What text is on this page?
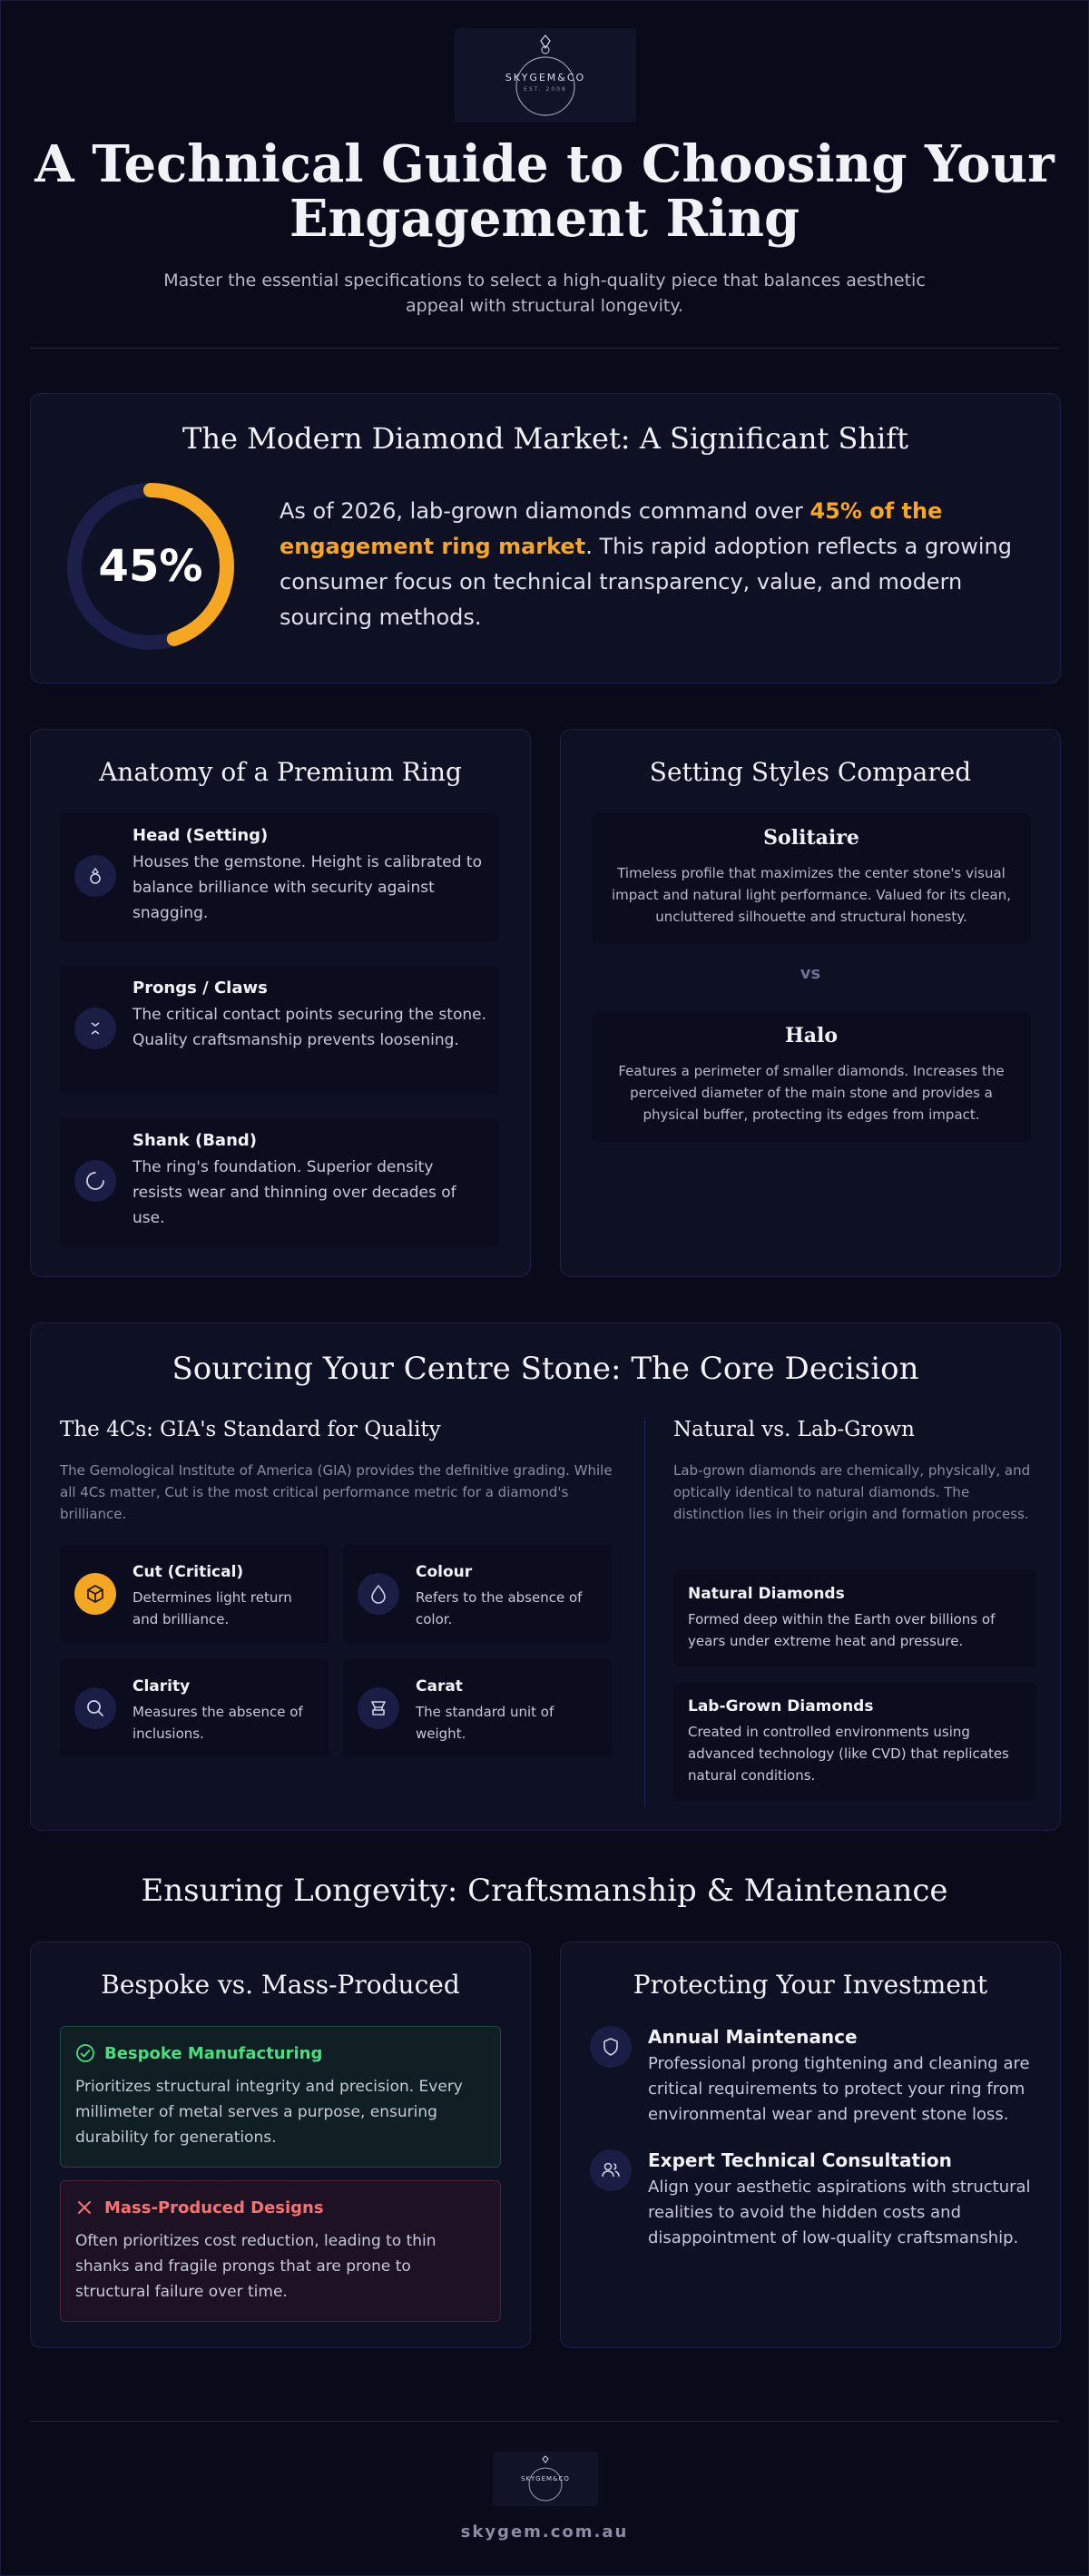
SKYGEM&CO
EST. 2008
A Technical Guide to Choosing Your
Engagement Ring
Master the essential specifications to select a high-quality piece that balances aesthetic
appeal with structural longevity.
The Modern Diamond Market: A Significant Shift
45%
As of 2026, lab-grown diamonds command over 45% of the engagement ring market. This rapid adoption reflects a growing consumer focus on technical transparency, value, and modern sourcing methods.
Anatomy of a Premium Ring
Head (Setting)
Houses the gemstone. Height is calibrated to balance brilliance with security against snagging.
Prongs / Claws
The critical contact points securing the stone. Quality craftsmanship prevents loosening.
Shank (Band)
The ring's foundation. Superior density resists wear and thinning over decades of use.
Setting Styles Compared
Solitaire
Timeless profile that maximizes the center stone's visual impact and natural light performance. Valued for its clean, uncluttered silhouette and structural honesty.
vs
Halo
Features a perimeter of smaller diamonds. Increases the perceived diameter of the main stone and provides a physical buffer, protecting its edges from impact.
Sourcing Your Centre Stone: The Core Decision
The 4Cs: GIA's Standard for Quality
The Gemological Institute of America (GIA) provides the definitive grading. While all 4Cs matter, Cut is the most critical performance metric for a diamond's brilliance.
Cut (Critical)
Determines light return and brilliance.
Colour
Refers to the absence of color.
Clarity
Measures the absence of inclusions.
Carat
The standard unit of weight.
Natural vs. Lab-Grown
Lab-grown diamonds are chemically, physically, and optically identical to natural diamonds. The distinction lies in their origin and formation process.
Natural Diamonds
Formed deep within the Earth over billions of years under extreme heat and pressure.
Lab-Grown Diamonds
Created in controlled environments using advanced technology (like CVD) that replicates natural conditions.
Ensuring Longevity: Craftsmanship & Maintenance
Bespoke vs. Mass-Produced
Bespoke Manufacturing
Prioritizes structural integrity and precision. Every millimeter of metal serves a purpose, ensuring durability for generations.
Mass-Produced Designs
Often prioritizes cost reduction, leading to thin shanks and fragile prongs that are prone to structural failure over time.
Protecting Your Investment
Annual Maintenance
Professional prong tightening and cleaning are critical requirements to protect your ring from environmental wear and prevent stone loss.
Expert Technical Consultation
Align your aesthetic aspirations with structural realities to avoid the hidden costs and disappointment of low-quality craftsmanship.
SKYGEM&CO
skygem.com.au
